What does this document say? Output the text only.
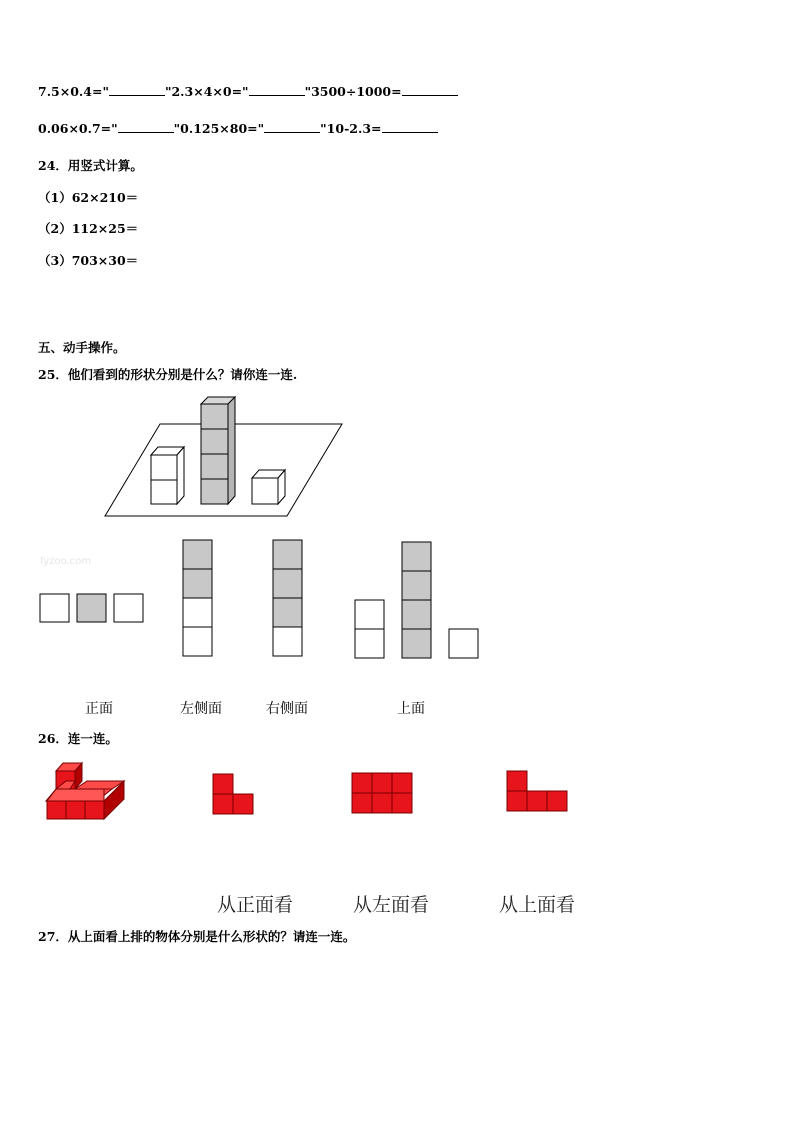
7.5×0.4="	"2.3×4×0="	"3500÷1000=
0.06×0.7="	"0.125×80="	"10-2.3=
24．用竖式计算。
（1）62×210＝
（2）112×25＝
（3）703×30＝
五、动手操作。
25．他们看到的形状分别是什么？请你连一连.
fyzoo.com
正面	左侧面	右侧面	上面
26．连一连。
从正面看	从左面看	从上面看
27．从上面看上排的物体分别是什么形状的？请连一连。
